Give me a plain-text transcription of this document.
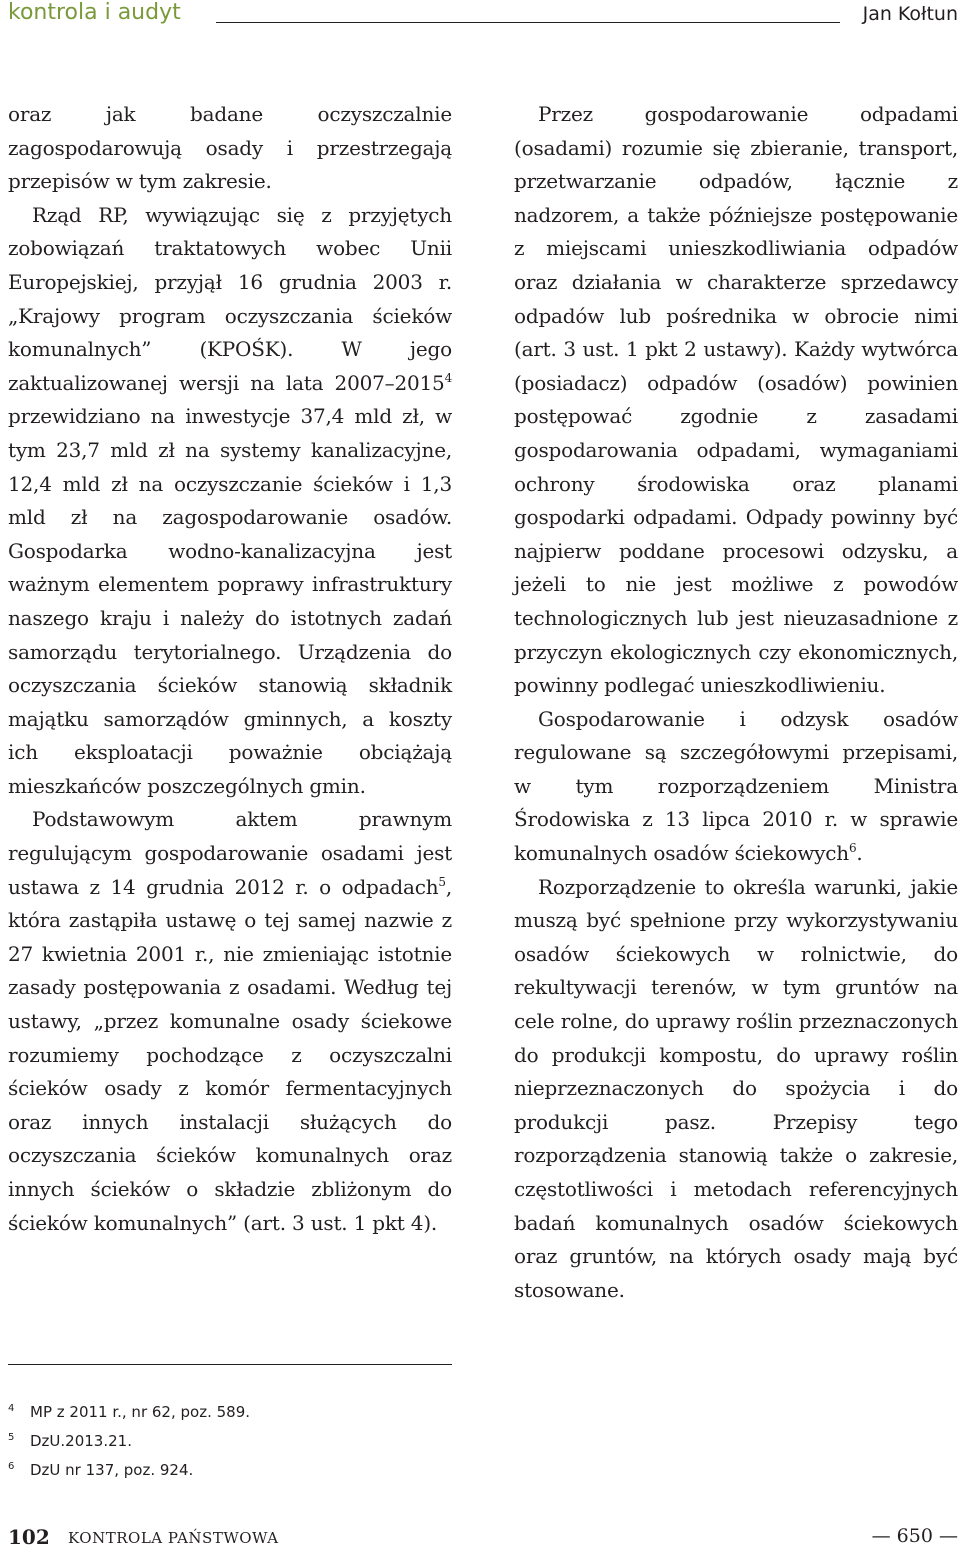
kontrola i audyt	Jan Kołtun

oraz jak badane oczyszczalnie zagospodarowują osady i przestrzegają przepisów w tym zakresie.

Rząd RP, wywiązując się z przyjętych zobowiązań traktatowych wobec Unii Europejskiej, przyjął 16 grudnia 2003 r. „Krajowy program oczyszczania ścieków komunalnych” (KPOŚK). W jego zaktualizowanej wersji na lata 2007–2015$^4$ przewidziano na inwestycje 37,4 mld zł, w tym 23,7 mld zł na systemy kanalizacyjne, 12,4 mld zł na oczyszczanie ścieków i 1,3 mld zł na zagospodarowanie osadów. Gospodarka wodno-kanalizacyjna jest ważnym elementem poprawy infrastruktury naszego kraju i należy do istotnych zadań samorządu terytorialnego. Urządzenia do oczyszczania ścieków stanowią składnik majątku samorządów gminnych, a koszty ich eksploatacji poważnie obciążają mieszkańców poszczególnych gmin.

Podstawowym aktem prawnym regulującym gospodarowanie osadami jest ustawa z 14 grudnia 2012 r. o odpadach$^5$, która zastąpiła ustawę o tej samej nazwie z 27 kwietnia 2001 r., nie zmieniając istotnie zasady postępowania z osadami. Według tej ustawy, „przez komunalne osady ściekowe rozumiemy pochodzące z oczyszczalni ścieków osady z komór fermentacyjnych oraz innych instalacji służących do oczyszczania ścieków komunalnych oraz innych ścieków o składzie zbliżonym do ścieków komunalnych” (art. 3 ust. 1 pkt 4).

Przez gospodarowanie odpadami (osadami) rozumie się zbieranie, transport, przetwarzanie odpadów, łącznie z nadzorem, a także późniejsze postępowanie z miejscami unieszkodliwiania odpadów oraz działania w charakterze sprzedawcy odpadów lub pośrednika w obrocie nimi (art. 3 ust. 1 pkt 2 ustawy). Każdy wytwórca (posiadacz) odpadów (osadów) powinien postępować zgodnie z zasadami gospodarowania odpadami, wymaganiami ochrony środowiska oraz planami gospodarki odpadami. Odpady powinny być najpierw poddane procesowi odzysku, a jeżeli to nie jest możliwe z powodów technologicznych lub jest nieuzasadnione z przyczyn ekologicznych czy ekonomicznych, powinny podlegać unieszkodliwieniu.

Gospodarowanie i odzysk osadów regulowane są szczegółowymi przepisami, w tym rozporządzeniem Ministra Środowiska z 13 lipca 2010 r. w sprawie komunalnych osadów ściekowych$^6$.

Rozporządzenie to określa warunki, jakie muszą być spełnione przy wykorzystywaniu osadów ściekowych w rolnictwie, do rekultywacji terenów, w tym gruntów na cele rolne, do uprawy roślin przeznaczonych do produkcji kompostu, do uprawy roślin nieprzeznaczonych do spożycia i do produkcji pasz. Przepisy tego rozporządzenia stanowią także o zakresie, częstotliwości i metodach referencyjnych badań komunalnych osadów ściekowych oraz gruntów, na których osady mają być stosowane.

4 MP z 2011 r., nr 62, poz. 589.
5 DzU.2013.21.
6 DzU nr 137, poz. 924.
102 KONTROLA PAŃSTWOWA	— 650 —
